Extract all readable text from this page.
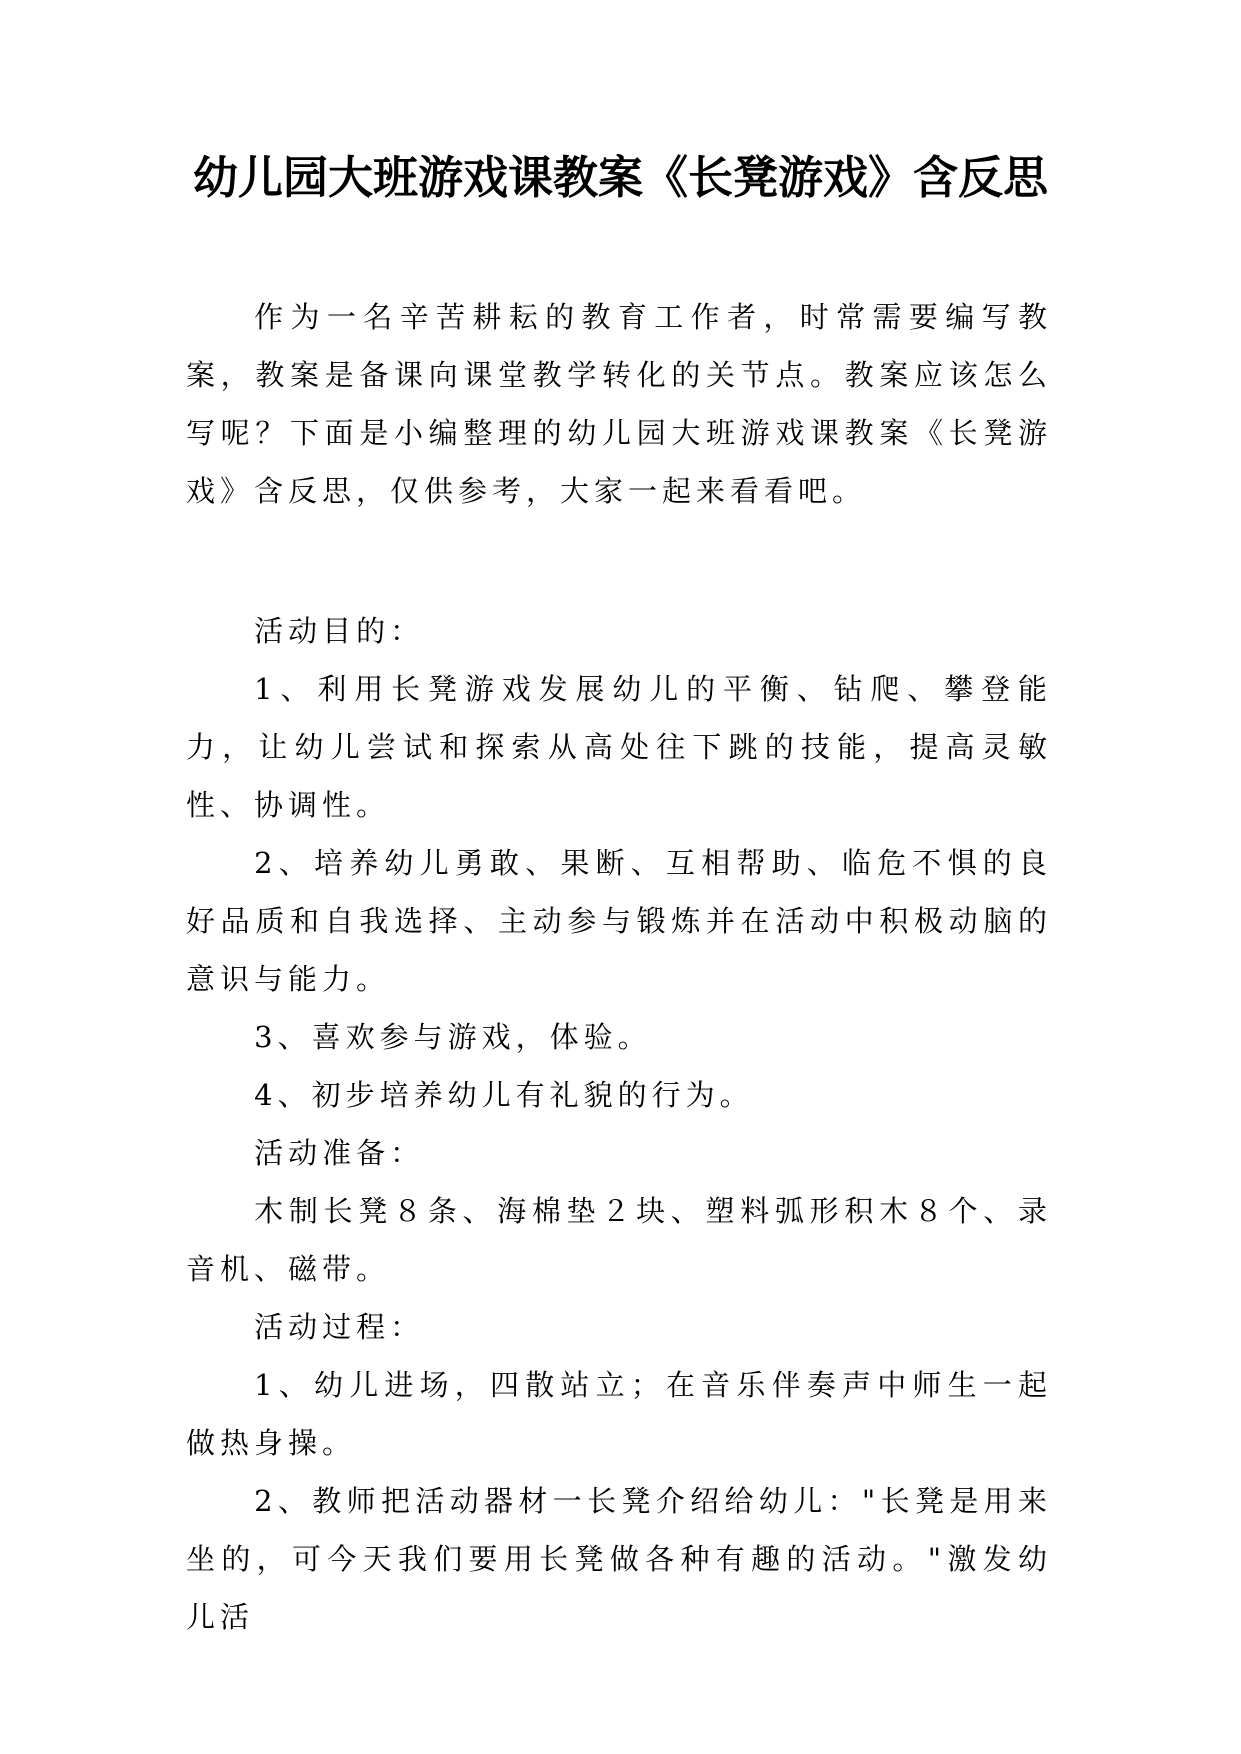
幼儿园大班游戏课教案《长凳游戏》含反思

作为一名辛苦耕耘的教育工作者，时常需要编写教案，教案是备课向课堂教学转化的关节点。教案应该怎么写呢？下面是小编整理的幼儿园大班游戏课教案《长凳游戏》含反思，仅供参考，大家一起来看看吧。

活动目的：

1、利用长凳游戏发展幼儿的平衡、钻爬、攀登能力，让幼儿尝试和探索从高处往下跳的技能，提高灵敏性、协调性。

2、培养幼儿勇敢、果断、互相帮助、临危不惧的良好品质和自我选择、主动参与锻炼并在活动中积极动脑的意识与能力。

3、喜欢参与游戏，体验。

4、初步培养幼儿有礼貌的行为。

活动准备：

木制长凳８条、海棉垫２块、塑料弧形积木８个、录音机、磁带。

活动过程：

1、幼儿进场，四散站立；在音乐伴奏声中师生一起做热身操。

2、教师把活动器材一长凳介绍给幼儿："长凳是用来坐的，可今天我们要用长凳做各种有趣的活动。"激发幼儿活
